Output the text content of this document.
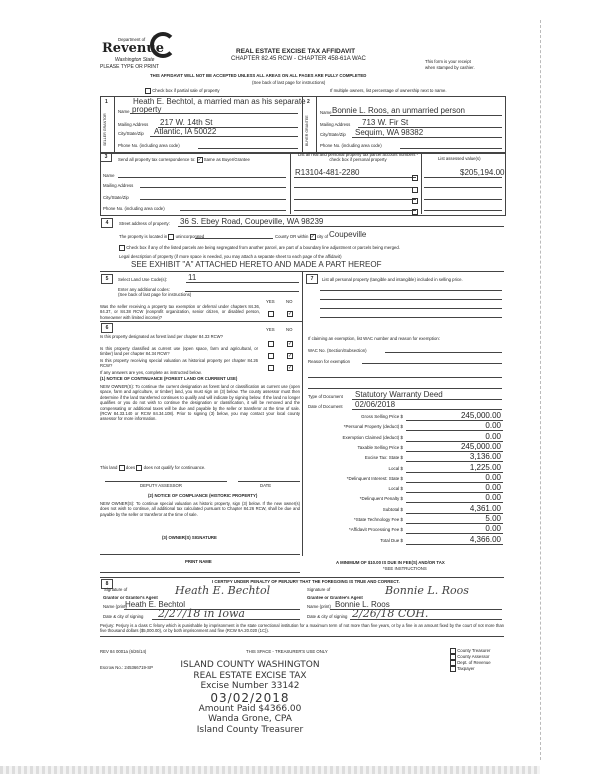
Department of
Revenue
Washington State
PLEASE TYPE OR PRINT
REAL ESTATE EXCISE TAX AFFIDAVIT
CHAPTER 82.45 RCW - CHAPTER 458-61A WAC	This form is your receipt
when stamped by cashier.
THIS AFFIDAVIT WILL NOT BE ACCEPTED UNLESS ALL AREAS ON ALL PAGES ARE FULLY COMPLETED
(See back of last page for instructions)
Check box if partial sale of property	If multiple owners, list percentage of ownership next to name.
1	2
SELLER GRANTOR	BUYER GRANTEE
Heath E. Bechtol, a married man as his separate
Name property
Mailing Address 217 W. 14th St
City/State/Zip Atlantic, IA 50022
Phone No. (including area code)
Name Bonnie L. Roos, an unmarried person
Mailing Address 713 W. Fir St
City/State/Zip Sequim, WA 98382
Phone No. (including area code)
3	Send all property tax correspondence to: ✓ Same as Buyer/Grantee
List all real and personal property tax parcel account numbers - check box if personal property	List assessed value(s)
Name
Mailing Address
City/State/Zip
Phone No. (including area code)
R13104-481-2280	$205,194.00
4	Street address of property: 36 S. Ebey Road, Coupeville, WA 98239
The property is located in unincorporated	County OR within ✓ city of Coupeville
Check box if any of the listed parcels are being segregated from another parcel, are part of a boundary line adjustment or parcels being merged.
Legal description of property (if more space is needed, you may attach a separate sheet to each page of the affidavit)
SEE EXHIBIT "A" ATTACHED HERETO AND MADE A PART HEREOF
5	Select Land Use Code(s):	11
Enter any additional codes:
(See back of last page for instructions)
YES	NO
Was the seller receiving a property tax exemption or deferral under chapters 84.36, 84.37, or 84.38 RCW (nonprofit organization, senior citizen, or disabled person, homeowner with limited income)?
✓
6	YES	NO
Is this property designated as forest land per chapter 84.33 RCW?
✓
Is this property classified as current use (open space, farm and agricultural, or timber) land per chapter 84.34 RCW?	✓
Is this property receiving special valuation as historical property per chapter 84.26 RCW?	✓
If any answers are yes, complete as instructed below.
(1) NOTICE OF CONTINUANCE (FOREST LAND OR CURRENT USE)
NEW OWNER(S): To continue the current designation as forest land or classification as current use (open space, farm and agriculture, or timber) land, you must sign on (3) below. The county assessor must then determine if the land transferred continues to qualify and will indicate by signing below. If the land no longer qualifies or you do not wish to continue the designation or classification, it will be removed and the compensating or additional taxes will be due and payable by the seller or transferor at the time of sale. (RCW 84.33.140 or RCW 84.34.108). Prior to signing (3) below, you may contact your local county assessor for more information.
This land does does not qualify for continuance.
DEPUTY ASSESSOR	DATE
(2) NOTICE OF COMPLIANCE (HISTORIC PROPERTY)
NEW OWNER(S): To continue special valuation as historic property, sign (3) below. If the new owner(s) does not wish to continue, all additional tax calculated pursuant to Chapter 84.26 RCW, shall be due and payable by the seller or transferor at the time of sale.
(3) OWNER(S) SIGNATURE
PRINT NAME
7	List all personal property (tangible and intangible) included in selling price.
If claiming an exemption, list WAC number and reason for exemption:
WAC No. (Section/Subsection)
Reason for exemption
Type of Document Statutory Warranty Deed
Date of Document 02/06/2018
Gross Selling Price $	245,000.00
*Personal Property (deduct) $	0.00
Exemption Claimed (deduct) $	0.00
Taxable Selling Price $	245,000.00
Excise Tax: State $	3,136.00
Local $	1,225.00
*Delinquent Interest: State $	0.00
Local $	0.00
*Delinquent Penalty $	0.00
Subtotal $	4,361.00
*State Technology Fee $	5.00
*Affidavit Processing Fee $	0.00
Total Due $	4,366.00
A MINIMUM OF $10.00 IS DUE IN FEE(S) AND/OR TAX
*SEE INSTRUCTIONS
8	I CERTIFY UNDER PENALTY OF PERJURY THAT THE FOREGOING IS TRUE AND CORRECT.
Signature of
Grantor or Grantor's Agent
Heath E. Bechtol
Name (print)
Heath E. Bechtol
Date & city of signing 2/27/18 in Iowa
Signature of
Grantee or Grantee's Agent
Bonnie L. Roos
Name (print) Bonnie L. Roos
Date & city of signing 2/26/18 COH.
Perjury: Perjury is a class C felony which is punishable by imprisonment in the state correctional institution for a maximum term of not more than five years, or by a fine in an amount fixed by the court of not more than five thousand dollars ($5,000.00), or by both imprisonment and fine (RCW 9A.20.020 (1C)).
REV 84 0001a (6/26/14)	THIS SPACE - TREASURER'S USE ONLY
Escrow No.: 245366719-SP
County Treasurer
County Assessor
Dept. of Revenue
Taxpayer
ISLAND COUNTY WASHINGTON
REAL ESTATE EXCISE TAX
Excise Number 33142
03/02/2018
Amount Paid $4366.00
Wanda Grone, CPA
Island County Treasurer
